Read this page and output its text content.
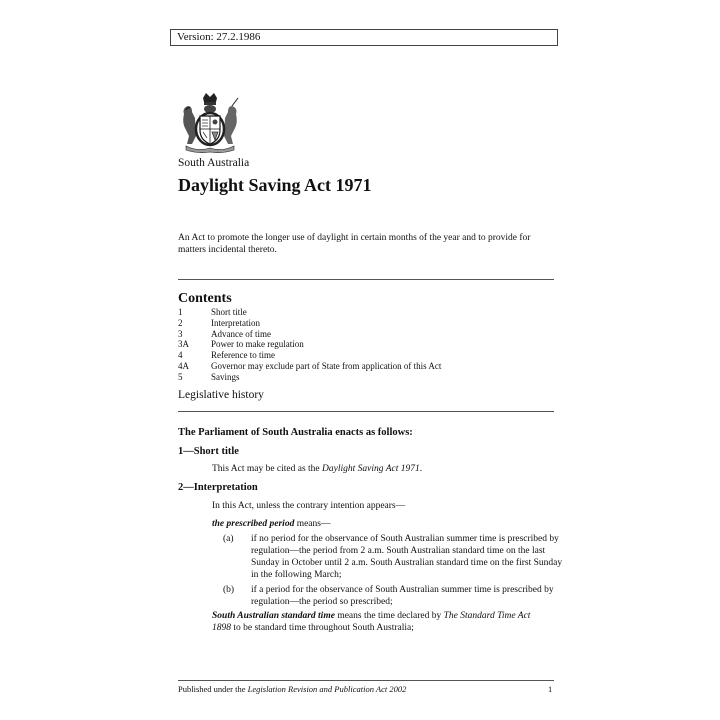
Version: 27.2.1986
South Australia
Daylight Saving Act 1971
An Act to promote the longer use of daylight in certain months of the year and to provide for matters incidental thereto.
Contents
1	Short title
2	Interpretation
3	Advance of time
3A	Power to make regulation
4	Reference to time
4A	Governor may exclude part of State from application of this Act
5	Savings
Legislative history
The Parliament of South Australia enacts as follows:
1—Short title
This Act may be cited as the Daylight Saving Act 1971.
2—Interpretation
In this Act, unless the contrary intention appears—
the prescribed period means—
(a)	if no period for the observance of South Australian summer time is prescribed by regulation—the period from 2 a.m. South Australian standard time on the last Sunday in October until 2 a.m. South Australian standard time on the first Sunday in the following March;
(b)	if a period for the observance of South Australian summer time is prescribed by regulation—the period so prescribed;
South Australian standard time means the time declared by The Standard Time Act 1898 to be standard time throughout South Australia;
Published under the Legislation Revision and Publication Act 2002	1
